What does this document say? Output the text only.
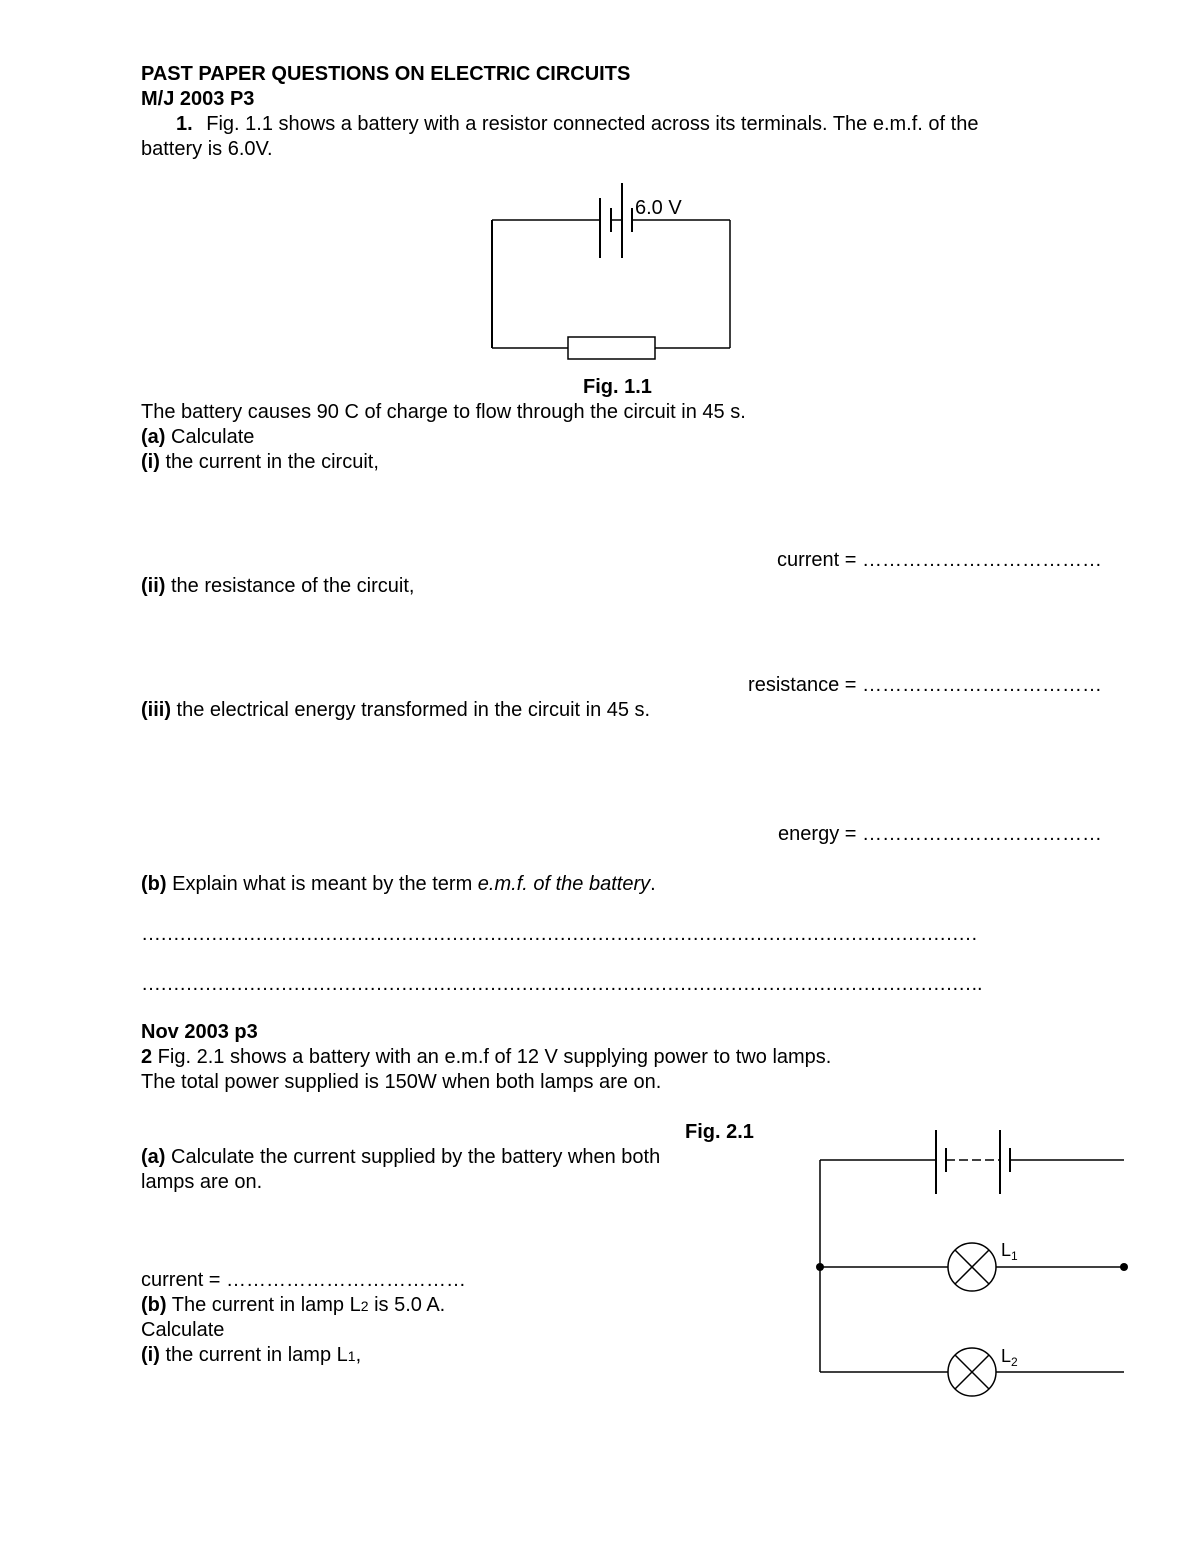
PAST PAPER QUESTIONS ON ELECTRIC CIRCUITS
M/J 2003 P3
1. Fig. 1.1 shows a battery with a resistor connected across its terminals. The e.m.f. of the
battery is 6.0V.
6.0 V
Fig. 1.1
The battery causes 90 C of charge to flow through the circuit in 45 s.
(a) Calculate
(i) the current in the circuit,
current = ………………………………
(ii) the resistance of the circuit,
resistance = ………………………………
(iii) the electrical energy transformed in the circuit in 45 s.
energy = ………………………………
(b) Explain what is meant by the term e.m.f. of the battery.
……………………………………………………………………………………………………………………
…………………………………………………………………………………………………………………….
Nov 2003 p3
2 Fig. 2.1 shows a battery with an e.m.f of 12 V supplying power to two lamps.
The total power supplied is 150W when both lamps are on.
Fig. 2.1
(a) Calculate the current supplied by the battery when both
lamps are on.
current = ………………………………
(b) The current in lamp L2 is 5.0 A.
Calculate
(i) the current in lamp L1,
$L_1$
$L_2$
